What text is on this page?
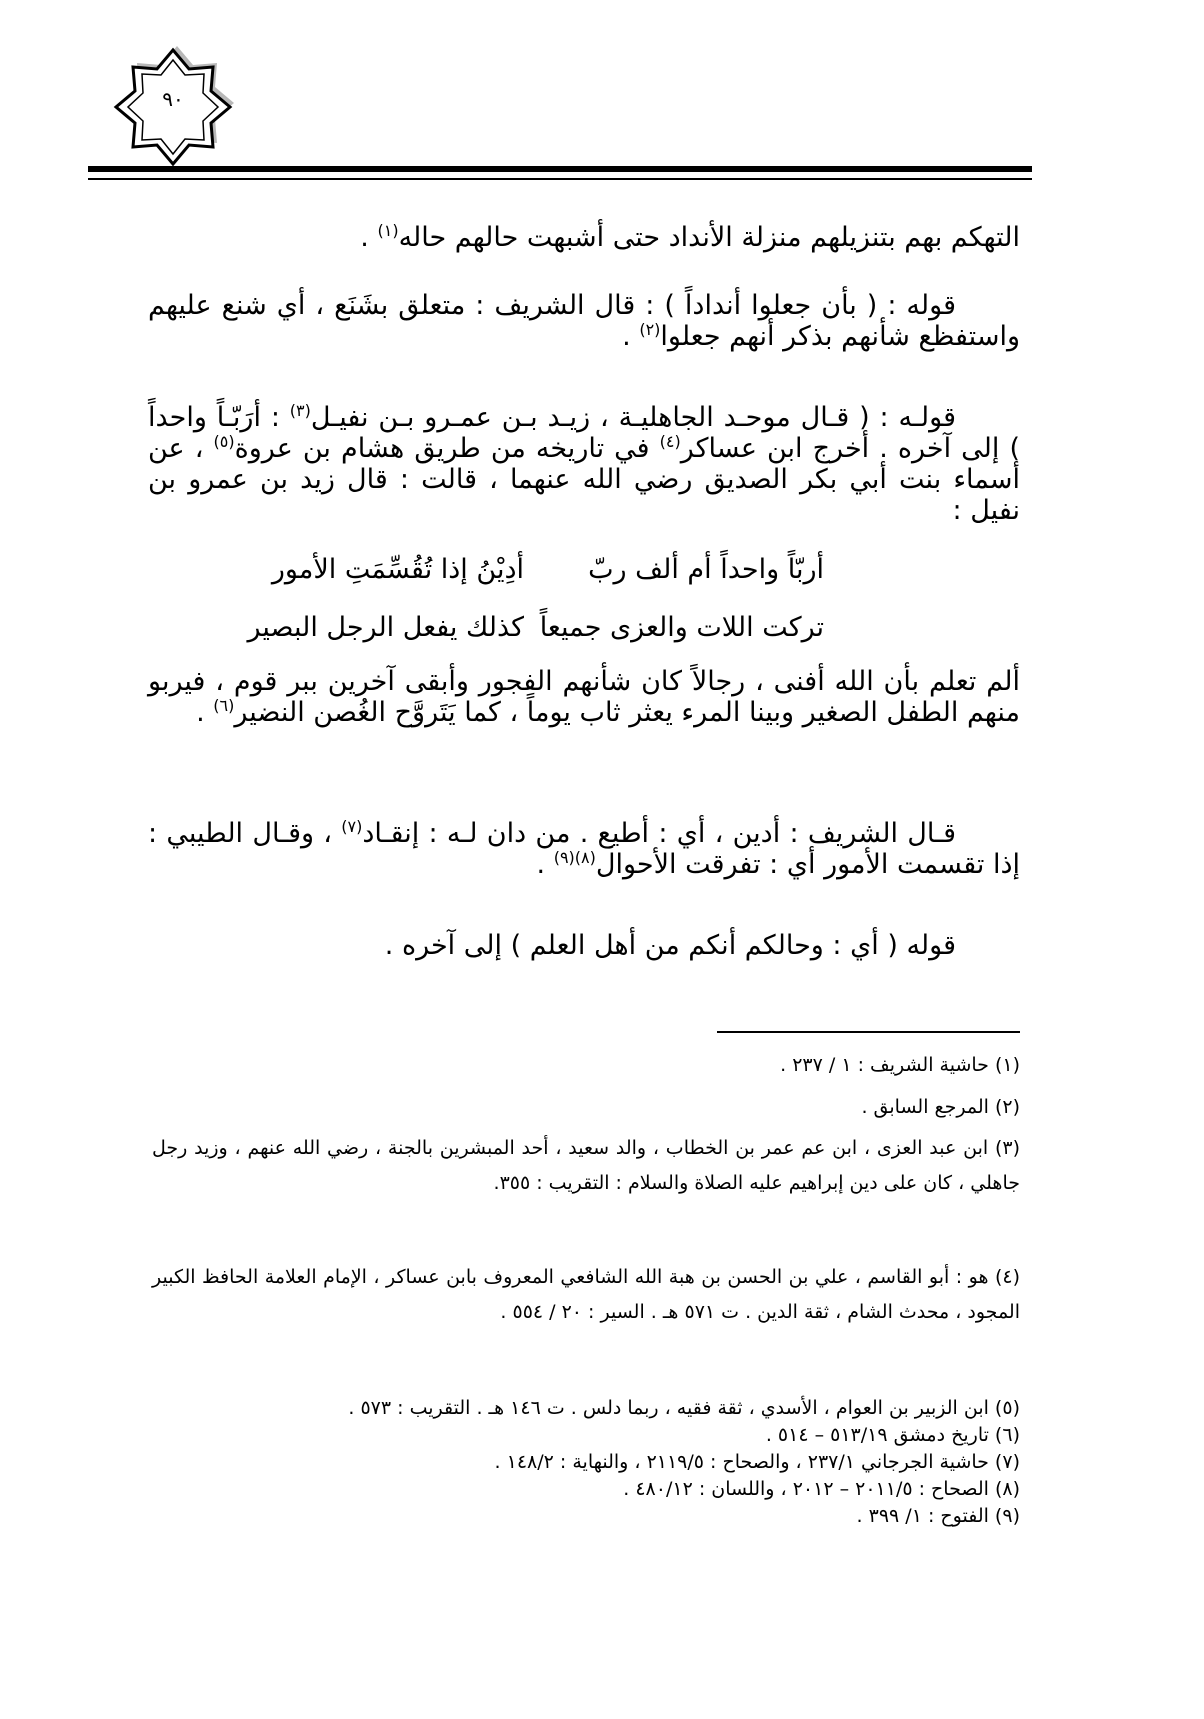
٩٠

التهكم بهم بتنزيلهم منزلة الأنداد حتى أشبهت حالهم حاله$^{(١)}$ .

قوله : ( بأن جعلوا أنداداً ) : قال الشريف : متعلق بشَنَع ، أي شنع عليهم واستفظع شأنهم بذكر أنهم جعلوا$^{(٢)}$ .

قولـه : ( قـال موحـد الجاهليـة ، زيـد بـن عمـرو بـن نفيـل$^{(٣)}$ : أرَبّـاً واحداً ) إلى آخره . أخرج ابن عساكر$^{(٤)}$ في تاريخه من طريق هشام بن عروة$^{(٥)}$ ، عن أسماء بنت أبي بكر الصديق رضي الله عنهما ، قالت : قال زيد بن عمرو بن نفيل :

أربّاً واحداً أم ألف ربّ
أدِيْنُ إذا تُقُسِّمَتِ الأمور
تركت اللات والعزى جميعاً
كذلك يفعل الرجل البصير

ألم تعلم بأن الله أفنى ، رجالاً كان شأنهم الفجور وأبقى آخرين ببر قوم ، فيربو منهم الطفل الصغير وبينا المرء يعثر ثاب يوماً ، كما يَتَروَّح الغُصن النضير$^{(٦)}$ .

قـال الشريف : أدين ، أي : أطيع . من دان لـه : إنقـاد$^{(٧)}$ ، وقـال الطيبي : إذا تقسمت الأمور أي : تفرقت الأحوال$^{(٨)(٩)}$ .

قوله ( أي : وحالكم أنكم من أهل العلم ) إلى آخره .

(١) حاشية الشريف : ١ / ٢٣٧ .

(٢) المرجع السابق .

(٣) ابن عبد العزى ، ابن عم عمر بن الخطاب ، والد سعيد ، أحد المبشرين بالجنة ، رضي الله عنهم ، وزيد رجل جاهلي ، كان على دين إبراهيم عليه الصلاة والسلام : التقريب : ٣٥٥.

(٤) هو : أبو القاسم ، علي بن الحسن بن هبة الله الشافعي المعروف بابن عساكر ، الإمام العلامة الحافظ الكبير المجود ، محدث الشام ، ثقة الدين . ت ٥٧١ هـ . السير : ٢٠ / ٥٥٤ .

(٥) ابن الزبير بن العوام ، الأسدي ، ثقة فقيه ، ربما دلس . ت ١٤٦ هـ . التقريب : ٥٧٣ .

(٦) تاريخ دمشق ٥١٣/١٩ – ٥١٤ .

(٧) حاشية الجرجاني ٢٣٧/١ ، والصحاح : ٢١١٩/٥ ، والنهاية : ١٤٨/٢ .

(٨) الصحاح : ٢٠١١/٥ – ٢٠١٢ ، واللسان : ٤٨٠/١٢ .

(٩) الفتوح : ١/ ٣٩٩ .
